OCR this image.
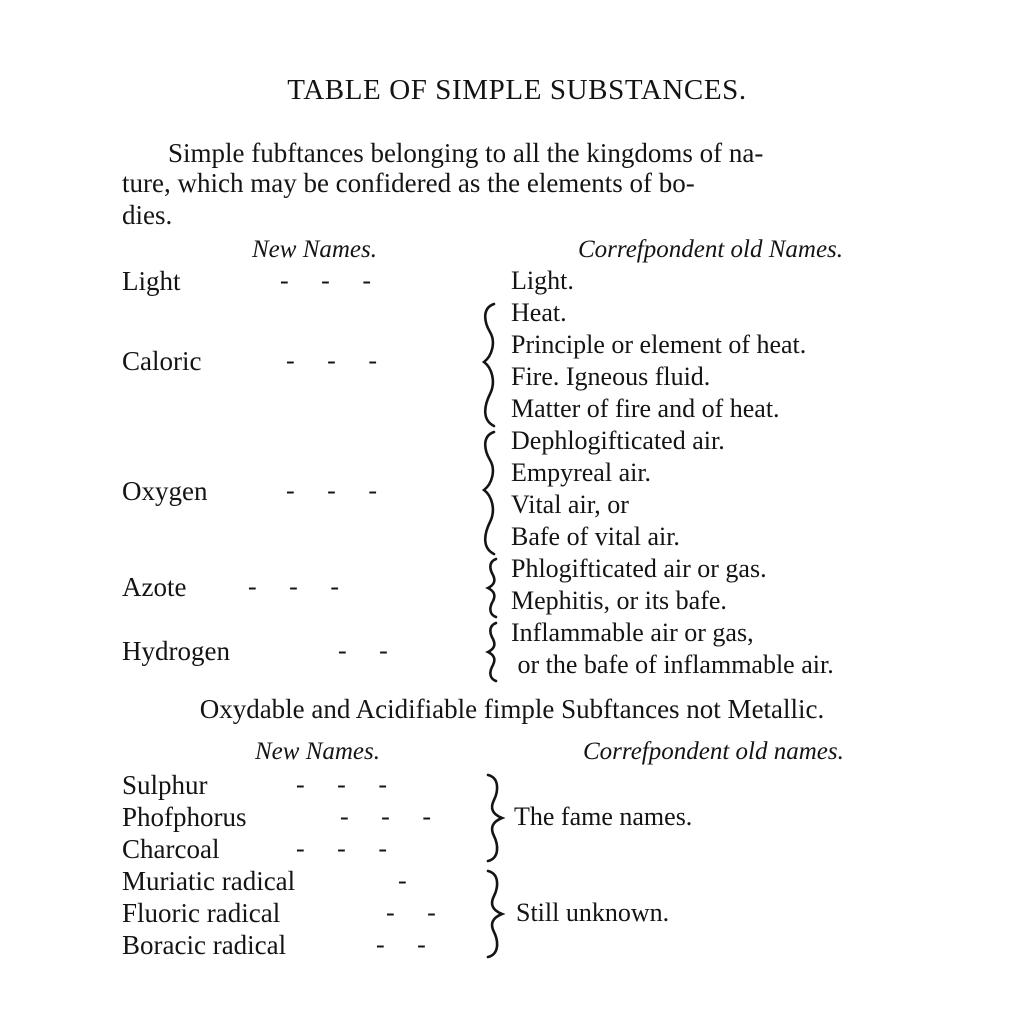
TABLE OF SIMPLE SUBSTANCES.
Simple fubftances belonging to all the kingdoms of na-
ture, which may be confidered as the elements of bo-
dies.
New Names.	Correfpondent old Names.
Light	-     -     -	Light.
Caloric	-     -     -
Heat.
Principle or element of heat.
Fire. Igneous fluid.
Matter of fire and of heat.
Oxygen	-     -     -
Dephlogifticated air.
Empyreal air.
Vital air, or
Bafe of vital air.
Azote -     -     -
Phlogifticated air or gas.
Mephitis, or its bafe.
Hydrogen	-     -
Inflammable air or gas,
or the bafe of inflammable air.
Oxydable and Acidifiable fimple Subftances not Metallic.
New Names.	Correfpondent old names.
Sulphur	-     -     -
Phofphorus	-     -     -
Charcoal	-     -     -
The fame names.
Muriatic radical	-
Fluoric radical	-     -
Boracic radical	-     -
Still unknown.
